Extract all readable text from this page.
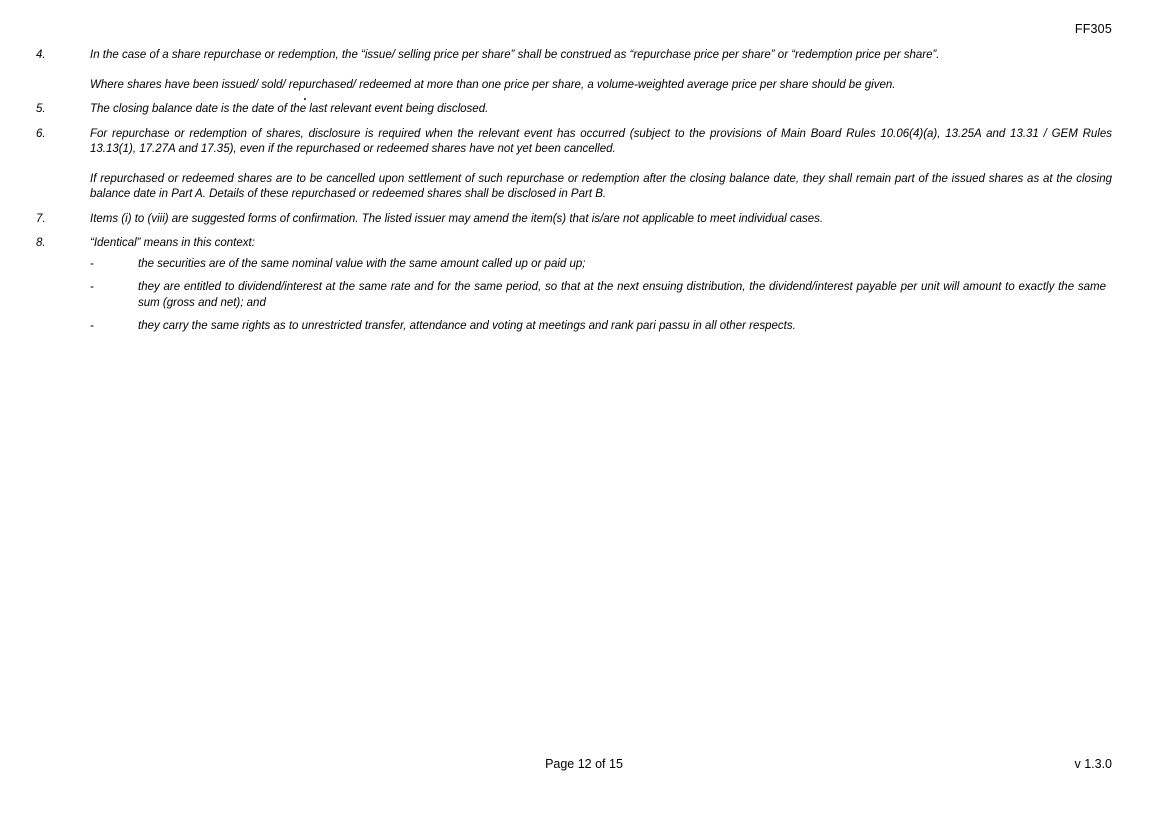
FF305
4.	In the case of a share repurchase or redemption, the “issue/ selling price per share” shall be construed as “repurchase price per share” or “redemption price per share”.

Where shares have been issued/ sold/ repurchased/ redeemed at more than one price per share, a volume-weighted average price per share should be given.

5.	The closing balance date is the date of the last relevant event being disclosed.

6.	For repurchase or redemption of shares, disclosure is required when the relevant event has occurred (subject to the provisions of Main Board Rules 10.06(4)(a), 13.25A and 13.31 / GEM Rules 13.13(1), 17.27A and 17.35), even if the repurchased or redeemed shares have not yet been cancelled.

If repurchased or redeemed shares are to be cancelled upon settlement of such repurchase or redemption after the closing balance date, they shall remain part of the issued shares as at the closing balance date in Part A. Details of these repurchased or redeemed shares shall be disclosed in Part B.

7.	Items (i) to (viii) are suggested forms of confirmation. The listed issuer may amend the item(s) that is/are not applicable to meet individual cases.

8.	“Identical” means in this context:

-	the securities are of the same nominal value with the same amount called up or paid up;
-	they are entitled to dividend/interest at the same rate and for the same period, so that at the next ensuing distribution, the dividend/interest payable per unit will amount to exactly the same sum (gross and net); and
-	they carry the same rights as to unrestricted transfer, attendance and voting at meetings and rank pari passu in all other respects.
Page 12 of 15	v 1.3.0
